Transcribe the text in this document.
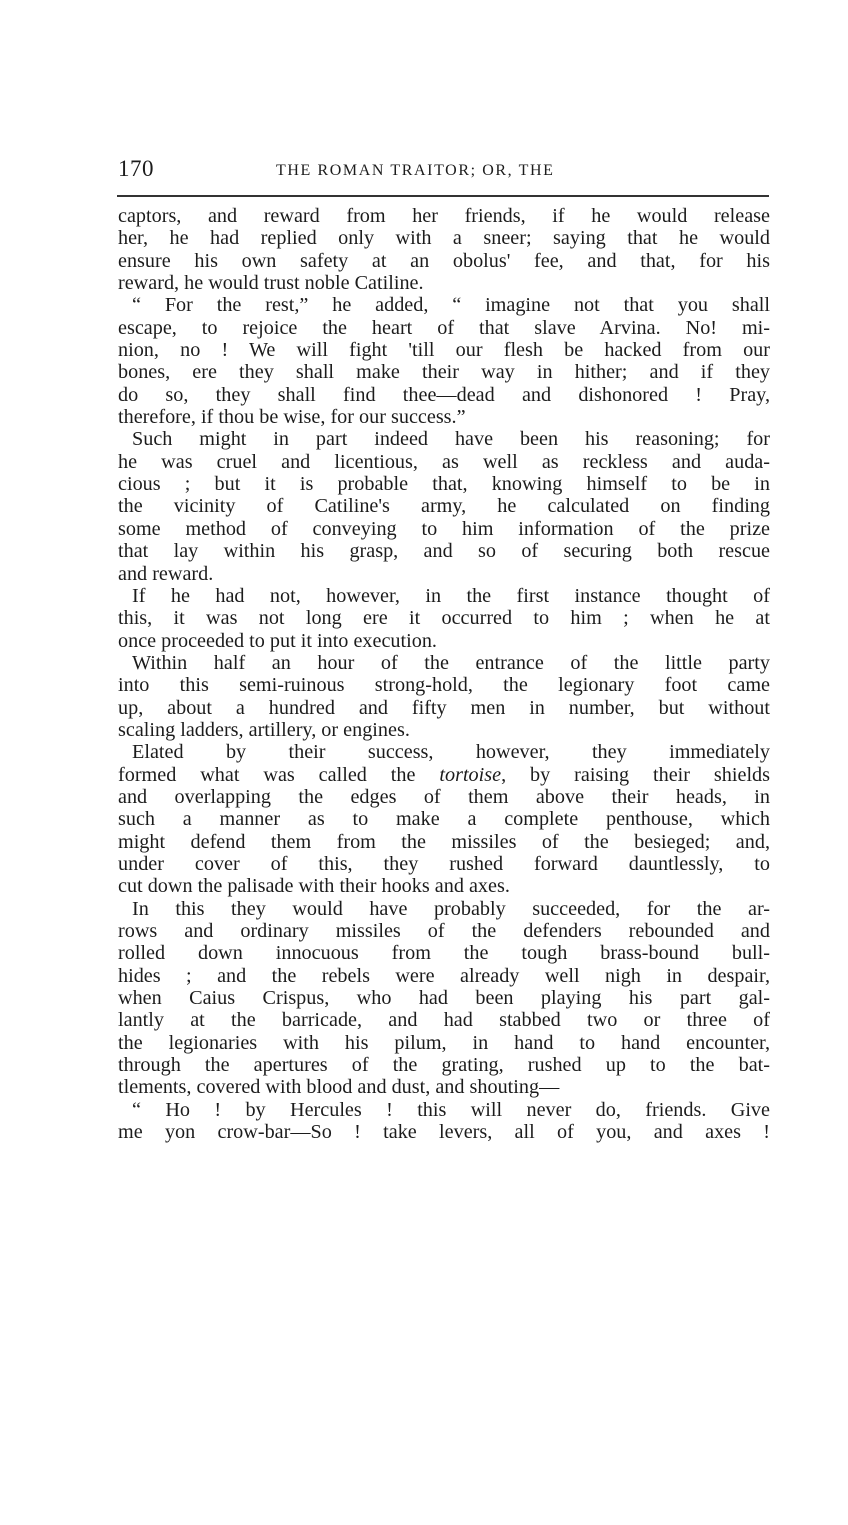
170	THE ROMAN TRAITOR; OR, THE
captors, and reward from her friends, if he would release
her, he had replied only with a sneer; saying that he would
ensure his own safety at an obolus' fee, and that, for his
reward, he would trust noble Catiline.
“ For the rest,” he added, “ imagine not that you shall
escape, to rejoice the heart of that slave Arvina. No! mi-
nion, no ! We will fight 'till our flesh be hacked from our
bones, ere they shall make their way in hither; and if they
do so, they shall find thee—dead and dishonored ! Pray,
therefore, if thou be wise, for our success.”
Such might in part indeed have been his reasoning; for
he was cruel and licentious, as well as reckless and auda-
cious ; but it is probable that, knowing himself to be in
the vicinity of Catiline's army, he calculated on finding
some method of conveying to him information of the prize
that lay within his grasp, and so of securing both rescue
and reward.
If he had not, however, in the first instance thought of
this, it was not long ere it occurred to him ; when he at
once proceeded to put it into execution.
Within half an hour of the entrance of the little party
into this semi-ruinous strong-hold, the legionary foot came
up, about a hundred and fifty men in number, but without
scaling ladders, artillery, or engines.
Elated by their success, however, they immediately
formed what was called the tortoise, by raising their shields
and overlapping the edges of them above their heads, in
such a manner as to make a complete penthouse, which
might defend them from the missiles of the besieged; and,
under cover of this, they rushed forward dauntlessly, to
cut down the palisade with their hooks and axes.
In this they would have probably succeeded, for the ar-
rows and ordinary missiles of the defenders rebounded and
rolled down innocuous from the tough brass-bound bull-
hides ; and the rebels were already well nigh in despair,
when Caius Crispus, who had been playing his part gal-
lantly at the barricade, and had stabbed two or three of
the legionaries with his pilum, in hand to hand encounter,
through the apertures of the grating, rushed up to the bat-
tlements, covered with blood and dust, and shouting—
“ Ho ! by Hercules ! this will never do, friends. Give
me yon crow-bar—So ! take levers, all of you, and axes !
